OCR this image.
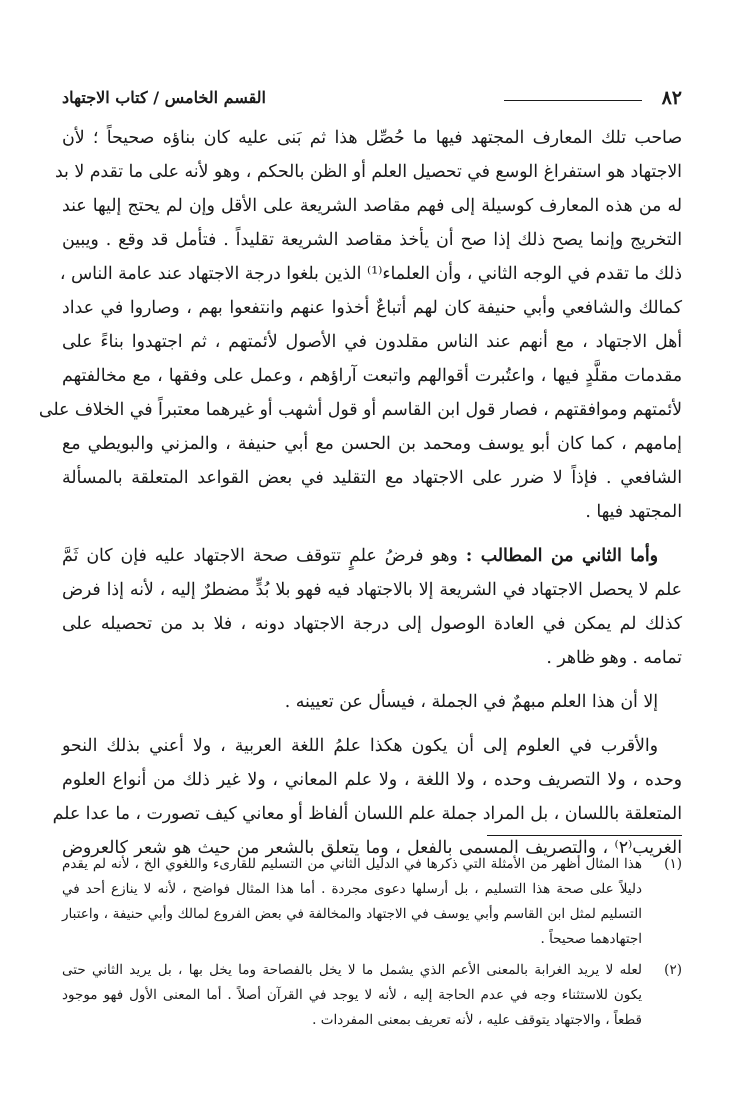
٨٢
القسم الخامس / كتاب الاجتهاد
صاحب تلك المعارف المجتهد فيها ما حُصِّل هذا ثم بَنى عليه كان بناؤه صحيحاً ؛ لأن
الاجتهاد هو استفراغ الوسع في تحصيل العلم أو الظن بالحكم ، وهو لأنه على ما تقدم لا بد
له من هذه المعارف كوسيلة إلى فهم مقاصد الشريعة على الأقل وإن لم يحتج إليها عند
التخريج وإنما يصح ذلك إذا صح أن يأخذ مقاصد الشريعة تقليداً . فتأمل قد وقع . ويبين
ذلك ما تقدم في الوجه الثاني ، وأن العلماء⁽¹⁾ الذين بلغوا درجة الاجتهاد عند عامة الناس ،
كمالك والشافعي وأبي حنيفة كان لهم أتباعٌ أخذوا عنهم وانتفعوا بهم ، وصاروا في عداد
أهل الاجتهاد ، مع أنهم عند الناس مقلدون في الأصول لأئمتهم ، ثم اجتهدوا بناءً على
مقدمات مقلَّدٍ فيها ، واعتُبرت أقوالهم واتبعت آراؤهم ، وعمل على وفقها ، مع مخالفتهم
لأئمتهم وموافقتهم ، فصار قول ابن القاسم أو قول أشهب أو غيرهما معتبراً في الخلاف على
إمامهم ، كما كان أبو يوسف ومحمد بن الحسن مع أبي حنيفة ، والمزني والبويطي مع
الشافعي . فإذاً لا ضرر على الاجتهاد مع التقليد في بعض القواعد المتعلقة بالمسألة
المجتهد فيها .
وأما الثاني من المطالب : وهو فرضُ علمٍ تتوقف صحة الاجتهاد عليه فإن كان ثَمَّ
علم لا يحصل الاجتهاد في الشريعة إلا بالاجتهاد فيه فهو بلا بُدٍّ مضطرٌ إليه ، لأنه إذا فرض
كذلك لم يمكن في العادة الوصول إلى درجة الاجتهاد دونه ، فلا بد من تحصيله على
تمامه . وهو ظاهر .
إلا أن هذا العلم مبهمٌ في الجملة ، فيسأل عن تعيينه .
والأقرب في العلوم إلى أن يكون هكذا علمُ اللغة العربية ، ولا أعني بذلك النحو
وحده ، ولا التصريف وحده ، ولا اللغة ، ولا علم المعاني ، ولا غير ذلك من أنواع العلوم
المتعلقة باللسان ، بل المراد جملة علم اللسان ألفاظ أو معاني كيف تصورت ، ما عدا علم
الغريب⁽٢⁾ ، والتصريف المسمى بالفعل ، وما يتعلق بالشعر من حيث هو شعر كالعروض
(١)
هذا المثال أظهر من الأمثلة التي ذكرها في الدليل الثاني من التسليم للقارىء واللغوي الخ ، لأنه لم يقدم
دليلاً على صحة هذا التسليم ، بل أرسلها دعوى مجردة . أما هذا المثال فواضح ، لأنه لا ينازع أحد في
التسليم لمثل ابن القاسم وأبي يوسف في الاجتهاد والمخالفة في بعض الفروع لمالك وأبي حنيفة ، واعتبار
اجتهادهما صحيحاً .
(٢)
لعله لا يريد الغرابة بالمعنى الأعم الذي يشمل ما لا يخل بالفصاحة وما يخل بها ، بل يريد الثاني حتى
يكون للاستثناء وجه في عدم الحاجة إليه ، لأنه لا يوجد في القرآن أصلاً . أما المعنى الأول فهو موجود
قطعاً ، والاجتهاد يتوقف عليه ، لأنه تعريف بمعنى المفردات .
